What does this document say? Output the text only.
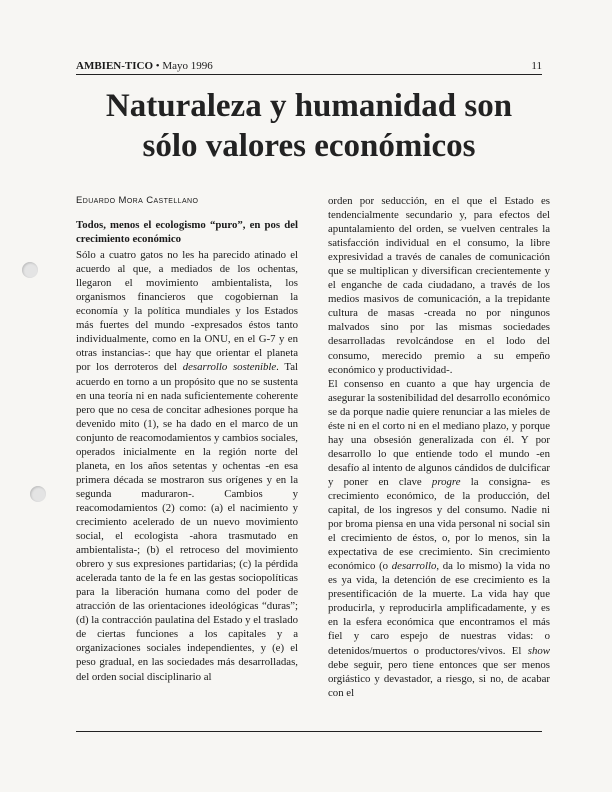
AMBIEN-TICO • Mayo 1996	11
Naturaleza y humanidad son
sólo valores económicos
Eduardo Mora Castellano

Todos, menos el ecologismo “puro”, en pos del crecimiento económico

Sólo a cuatro gatos no les ha parecido atinado el acuerdo al que, a mediados de los ochentas, llegaron el movimiento ambientalista, los organismos financieros que cogobiernan la economía y la política mundiales y los Estados más fuertes del mundo -expresados éstos tanto individualmente, como en la ONU, en el G-7 y en otras instancias-: que hay que orientar el planeta por los derroteros del desarrollo sostenible. Tal acuerdo en torno a un propósito que no se sustenta en una teoría ni en nada suficientemente coherente pero que no cesa de concitar adhesiones porque ha devenido mito (1), se ha dado en el marco de un conjunto de reacomodamientos y cambios sociales, operados inicialmente en la región norte del planeta, en los años setentas y ochentas -en esa primera década se mostraron sus orígenes y en la segunda maduraron-. Cambios y reacomodamientos (2) como: (a) el nacimiento y crecimiento acelerado de un nuevo movimiento social, el ecologista -ahora trasmutado en ambientalista-; (b) el retroceso del movimiento obrero y sus expresiones partidarias; (c) la pérdida acelerada tanto de la fe en las gestas sociopolíticas para la liberación humana como del poder de atracción de las orientaciones ideológicas “duras”; (d) la contracción paulatina del Estado y el traslado de ciertas funciones a los capitales y a organizaciones sociales independientes, y (e) el peso gradual, en las sociedades más desarrolladas, del orden social disciplinario al

orden por seducción, en el que el Estado es tendencialmente secundario y, para efectos del apuntalamiento del orden, se vuelven centrales la satisfacción individual en el consumo, la libre expresividad a través de canales de comunicación que se multiplican y diversifican crecientemente y el enganche de cada ciudadano, a través de los medios masivos de comunicación, a la trepidante cultura de masas -creada no por ningunos malvados sino por las mismas sociedades desarrolladas revolcándose en el lodo del consumo, merecido premio a su empeño económico y productividad-.

El consenso en cuanto a que hay urgencia de asegurar la sostenibilidad del desarrollo económico se da porque nadie quiere renunciar a las mieles de éste ni en el corto ni en el mediano plazo, y porque hay una obsesión generalizada con él. Y por desarrollo lo que entiende todo el mundo -en desafío al intento de algunos cándidos de dulcificar y poner en clave progre la consigna- es crecimiento económico, de la producción, del capital, de los ingresos y del consumo. Nadie ni por broma piensa en una vida personal ni social sin el crecimiento de éstos, o, por lo menos, sin la expectativa de ese crecimiento. Sin crecimiento económico (o desarrollo, da lo mismo) la vida no es ya vida, la detención de ese crecimiento es la presentificación de la muerte. La vida hay que producirla, y reproducirla amplificadamente, y es en la esfera económica que encontramos el más fiel y caro espejo de nuestras vidas: o detenidos/muertos o productores/vivos. El show debe seguir, pero tiene entonces que ser menos orgiástico y devastador, a riesgo, si no, de acabar con el
